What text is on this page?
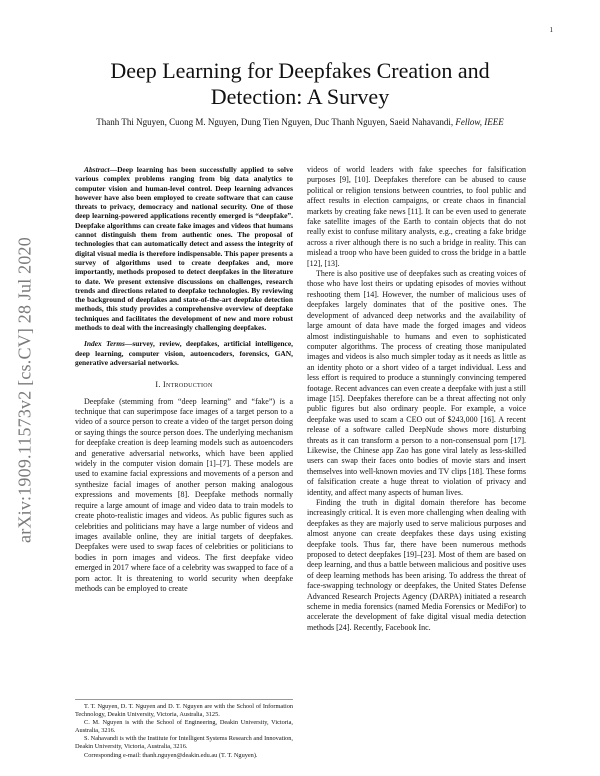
1
arXiv:1909.11573v2 [cs.CV] 28 Jul 2020
Deep Learning for Deepfakes Creation and
Detection: A Survey
Thanh Thi Nguyen, Cuong M. Nguyen, Dung Tien Nguyen, Duc Thanh Nguyen, Saeid Nahavandi, Fellow, IEEE

Abstract—Deep learning has been successfully applied to solve various complex problems ranging from big data analytics to computer vision and human-level control. Deep learning advances however have also been employed to create software that can cause threats to privacy, democracy and national security. One of those deep learning-powered applications recently emerged is “deepfake”. Deepfake algorithms can create fake images and videos that humans cannot distinguish them from authentic ones. The proposal of technologies that can automatically detect and assess the integrity of digital visual media is therefore indispensable. This paper presents a survey of algorithms used to create deepfakes and, more importantly, methods proposed to detect deepfakes in the literature to date. We present extensive discussions on challenges, research trends and directions related to deepfake technologies. By reviewing the background of deepfakes and state-of-the-art deepfake detection methods, this study provides a comprehensive overview of deepfake techniques and facilitates the development of new and more robust methods to deal with the increasingly challenging deepfakes.

Index Terms—survey, review, deepfakes, artificial intelligence, deep learning, computer vision, autoencoders, forensics, GAN, generative adversarial networks.

I. Introduction

Deepfake (stemming from “deep learning” and “fake”) is a technique that can superimpose face images of a target person to a video of a source person to create a video of the target person doing or saying things the source person does. The underlying mechanism for deepfake creation is deep learning models such as autoencoders and generative adversarial networks, which have been applied widely in the computer vision domain [1]–[7]. These models are used to examine facial expressions and movements of a person and synthesize facial images of another person making analogous expressions and movements [8]. Deepfake methods normally require a large amount of image and video data to train models to create photo-realistic images and videos. As public figures such as celebrities and politicians may have a large number of videos and images available online, they are initial targets of deepfakes. Deepfakes were used to swap faces of celebrities or politicians to bodies in porn images and videos. The first deepfake video emerged in 2017 where face of a celebrity was swapped to face of a porn actor. It is threatening to world security when deepfake methods can be employed to create

T. T. Nguyen, D. T. Nguyen and D. T. Nguyen are with the School of Information Technology, Deakin University, Victoria, Australia, 3125.

C. M. Nguyen is with the School of Engineering, Deakin University, Victoria, Australia, 3216.

S. Nahavandi is with the Institute for Intelligent Systems Research and Innovation, Deakin University, Victoria, Australia, 3216.

Corresponding e-mail: thanh.nguyen@deakin.edu.au (T. T. Nguyen).

videos of world leaders with fake speeches for falsification purposes [9], [10]. Deepfakes therefore can be abused to cause political or religion tensions between countries, to fool public and affect results in election campaigns, or create chaos in financial markets by creating fake news [11]. It can be even used to generate fake satellite images of the Earth to contain objects that do not really exist to confuse military analysts, e.g., creating a fake bridge across a river although there is no such a bridge in reality. This can mislead a troop who have been guided to cross the bridge in a battle [12], [13].

There is also positive use of deepfakes such as creating voices of those who have lost theirs or updating episodes of movies without reshooting them [14]. However, the number of malicious uses of deepfakes largely dominates that of the positive ones. The development of advanced deep networks and the availability of large amount of data have made the forged images and videos almost indistinguishable to humans and even to sophisticated computer algorithms. The process of creating those manipulated images and videos is also much simpler today as it needs as little as an identity photo or a short video of a target individual. Less and less effort is required to produce a stunningly convincing tempered footage. Recent advances can even create a deepfake with just a still image [15]. Deepfakes therefore can be a threat affecting not only public figures but also ordinary people. For example, a voice deepfake was used to scam a CEO out of $243,000 [16]. A recent release of a software called DeepNude shows more disturbing threats as it can transform a person to a non-consensual porn [17]. Likewise, the Chinese app Zao has gone viral lately as less-skilled users can swap their faces onto bodies of movie stars and insert themselves into well-known movies and TV clips [18]. These forms of falsification create a huge threat to violation of privacy and identity, and affect many aspects of human lives.

Finding the truth in digital domain therefore has become increasingly critical. It is even more challenging when dealing with deepfakes as they are majorly used to serve malicious purposes and almost anyone can create deepfakes these days using existing deepfake tools. Thus far, there have been numerous methods proposed to detect deepfakes [19]–[23]. Most of them are based on deep learning, and thus a battle between malicious and positive uses of deep learning methods has been arising. To address the threat of face-swapping technology or deepfakes, the United States Defense Advanced Research Projects Agency (DARPA) initiated a research scheme in media forensics (named Media Forensics or MediFor) to accelerate the development of fake digital visual media detection methods [24]. Recently, Facebook Inc.
